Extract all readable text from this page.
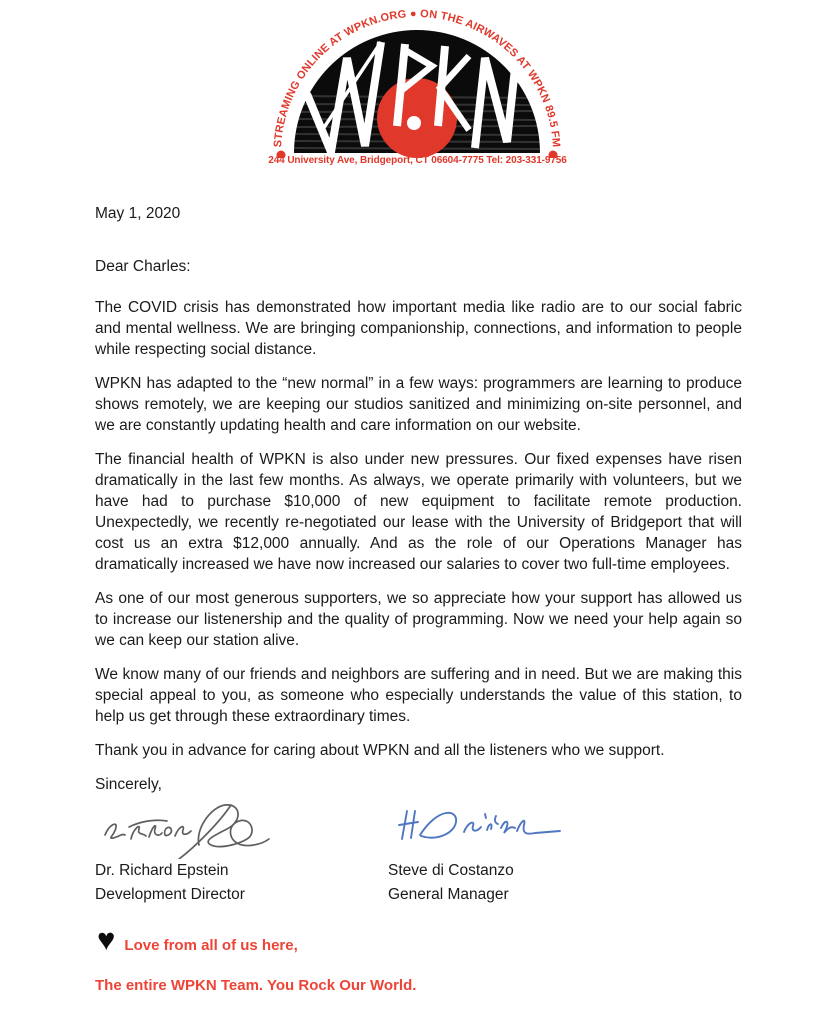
STREAMING ONLINE AT WPKN.ORG ● ON THE AIRWAVES AT WPKN 89.5 FM
244 University Ave, Bridgeport, CT 06604-7775 Tel: 203-331-9756
May 1, 2020
Dear Charles:

The COVID crisis has demonstrated how important media like radio are to our social fabric and mental wellness. We are bringing companionship, connections, and information to people while respecting social distance.

WPKN has adapted to the “new normal” in a few ways: programmers are learning to produce shows remotely, we are keeping our studios sanitized and minimizing on-site personnel, and we are constantly updating health and care information on our website.

The financial health of WPKN is also under new pressures. Our fixed expenses have risen dramatically in the last few months. As always, we operate primarily with volunteers, but we have had to purchase $10,000 of new equipment to facilitate remote production. Unexpectedly, we recently re-negotiated our lease with the University of Bridgeport that will cost us an extra $12,000 annually. And as the role of our Operations Manager has dramatically increased we have now increased our salaries to cover two full-time employees.

As one of our most generous supporters, we so appreciate how your support has allowed us to increase our listenership and the quality of programming. Now we need your help again so we can keep our station alive.

We know many of our friends and neighbors are suffering and in need. But we are making this special appeal to you, as someone who especially understands the value of this station, to help us get through these extraordinary times.

Thank you in advance for caring about WPKN and all the listeners who we support.

Sincerely,
Dr. Richard Epstein
Development Director
Steve di Costanzo
General Manager
♥ Love from all of us here,
The entire WPKN Team. You Rock Our World.
